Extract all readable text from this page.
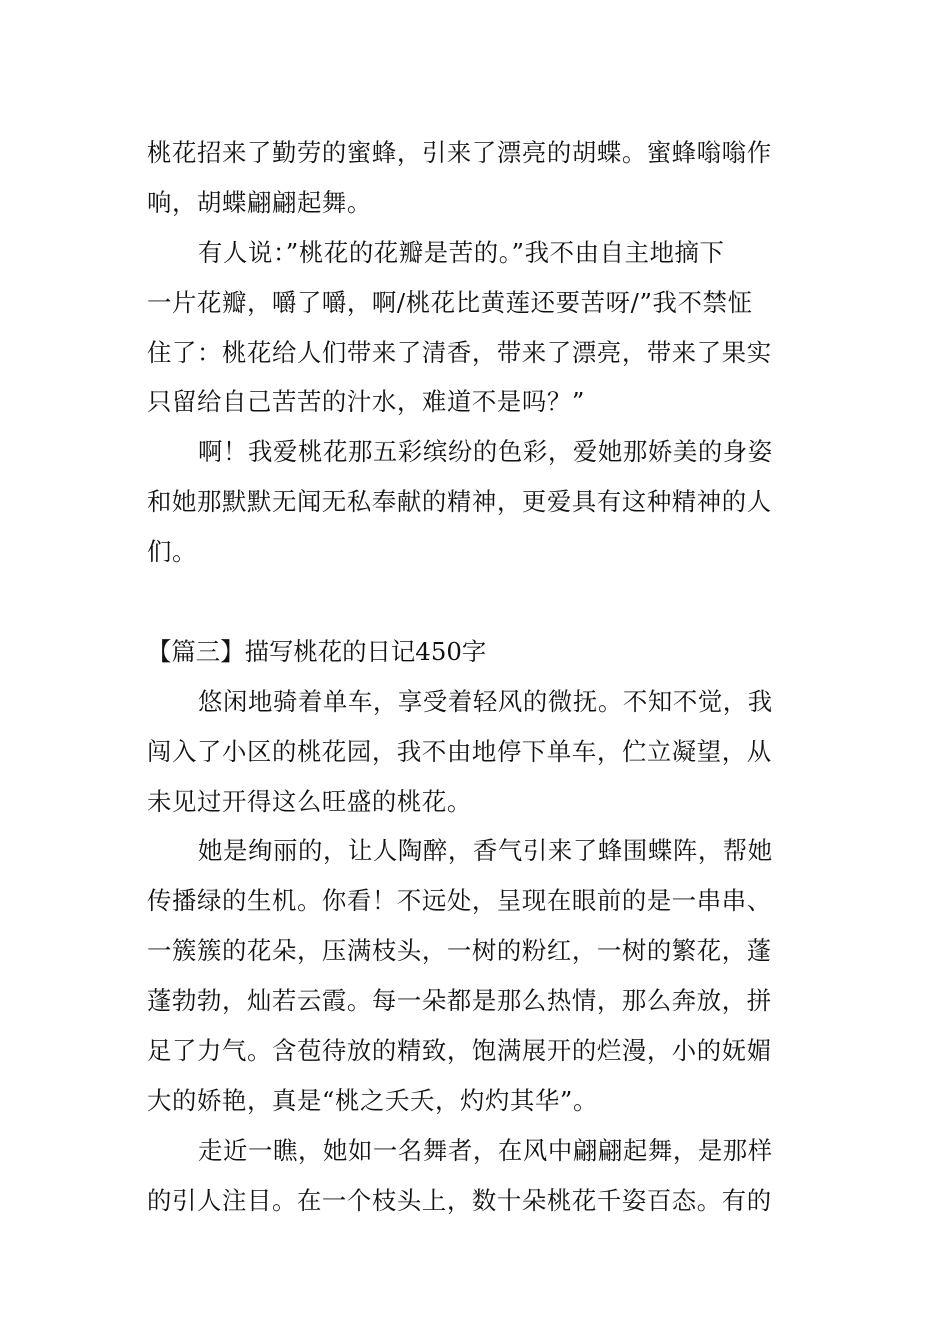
桃花招来了勤劳的蜜蜂，引来了漂亮的胡蝶。蜜蜂嗡嗡作
响，胡蝶翩翩起舞。
有人说：”桃花的花瓣是苦的。”我不由自主地摘下
一片花瓣，嚼了嚼，啊/桃花比黄莲还要苦呀/”我不禁怔
住了：桃花给人们带来了清香，带来了漂亮，带来了果实
只留给自己苦苦的汁水，难道不是吗？”
啊！我爱桃花那五彩缤纷的色彩，爱她那娇美的身姿
和她那默默无闻无私奉献的精神，更爱具有这种精神的人
们。
【篇三】描写桃花的日记450字
悠闲地骑着单车，享受着轻风的微抚。不知不觉，我
闯入了小区的桃花园，我不由地停下单车，伫立凝望，从
未见过开得这么旺盛的桃花。
她是绚丽的，让人陶醉，香气引来了蜂围蝶阵，帮她
传播绿的生机。你看！不远处，呈现在眼前的是一串串、
一簇簇的花朵，压满枝头，一树的粉红，一树的繁花，蓬
蓬勃勃，灿若云霞。每一朵都是那么热情，那么奔放，拼
足了力气。含苞待放的精致，饱满展开的烂漫，小的妩媚
大的娇艳，真是“桃之夭夭，灼灼其华”。
走近一瞧，她如一名舞者，在风中翩翩起舞，是那样
的引人注目。在一个枝头上，数十朵桃花千姿百态。有的
